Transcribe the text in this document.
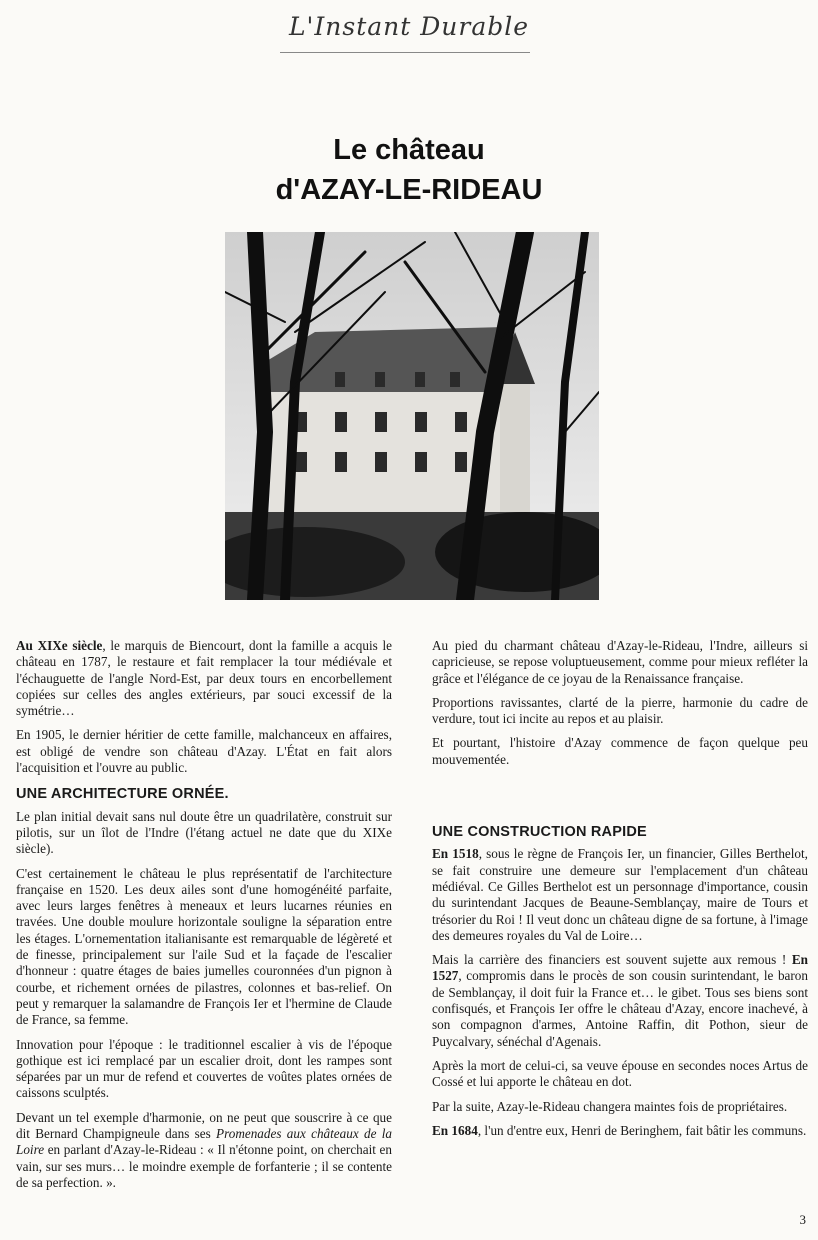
L'Instant Durable
Le château
d'AZAY-LE-RIDEAU

Au XIXe siècle, le marquis de Biencourt, dont la famille a acquis le château en 1787, le restaure et fait remplacer la tour médiévale et l'échauguette de l'angle Nord-Est, par deux tours en encorbellement copiées sur celles des angles extérieurs, par souci excessif de la symétrie…

En 1905, le dernier héritier de cette famille, malchanceux en affaires, est obligé de vendre son château d'Azay. L'État en fait alors l'acquisition et l'ouvre au public.

UNE ARCHITECTURE ORNÉE.

Le plan initial devait sans nul doute être un quadrilatère, construit sur pilotis, sur un îlot de l'Indre (l'étang actuel ne date que du XIXe siècle).

C'est certainement le château le plus représentatif de l'architecture française en 1520. Les deux ailes sont d'une homogénéité parfaite, avec leurs larges fenêtres à meneaux et leurs lucarnes réunies en travées. Une double moulure horizontale souligne la séparation entre les étages. L'ornementation italianisante est remarquable de légèreté et de finesse, principalement sur l'aile Sud et la façade de l'escalier d'honneur : quatre étages de baies jumelles couronnées d'un pignon à courbe, et richement ornées de pilastres, colonnes et bas-relief. On peut y remarquer la salamandre de François Ier et l'hermine de Claude de France, sa femme.

Innovation pour l'époque : le traditionnel escalier à vis de l'époque gothique est ici remplacé par un escalier droit, dont les rampes sont séparées par un mur de refend et couvertes de voûtes plates ornées de caissons sculptés.

Devant un tel exemple d'harmonie, on ne peut que souscrire à ce que dit Bernard Champigneule dans ses Promenades aux châteaux de la Loire en parlant d'Azay-le-Rideau : « Il n'étonne point, on cherchait en vain, sur ses murs… le moindre exemple de forfanterie ; il se contente de sa perfection. ».

Au pied du charmant château d'Azay-le-Rideau, l'Indre, ailleurs si capricieuse, se repose voluptueusement, comme pour mieux refléter la grâce et l'élégance de ce joyau de la Renaissance française.

Proportions ravissantes, clarté de la pierre, harmonie du cadre de verdure, tout ici incite au repos et au plaisir.

Et pourtant, l'histoire d'Azay commence de façon quelque peu mouvementée.

UNE CONSTRUCTION RAPIDE

En 1518, sous le règne de François Ier, un financier, Gilles Berthelot, se fait construire une demeure sur l'emplacement d'un château médiéval. Ce Gilles Berthelot est un personnage d'importance, cousin du surintendant Jacques de Beaune-Semblançay, maire de Tours et trésorier du Roi ! Il veut donc un château digne de sa fortune, à l'image des demeures royales du Val de Loire…

Mais la carrière des financiers est souvent sujette aux remous ! En 1527, compromis dans le procès de son cousin surintendant, le baron de Semblançay, il doit fuir la France et… le gibet. Tous ses biens sont confisqués, et François Ier offre le château d'Azay, encore inachevé, à son compagnon d'armes, Antoine Raffin, dit Pothon, sieur de Puycalvary, sénéchal d'Agenais.

Après la mort de celui-ci, sa veuve épouse en secondes noces Artus de Cossé et lui apporte le château en dot.

Par la suite, Azay-le-Rideau changera maintes fois de propriétaires.

En 1684, l'un d'entre eux, Henri de Beringhem, fait bâtir les communs.

3
